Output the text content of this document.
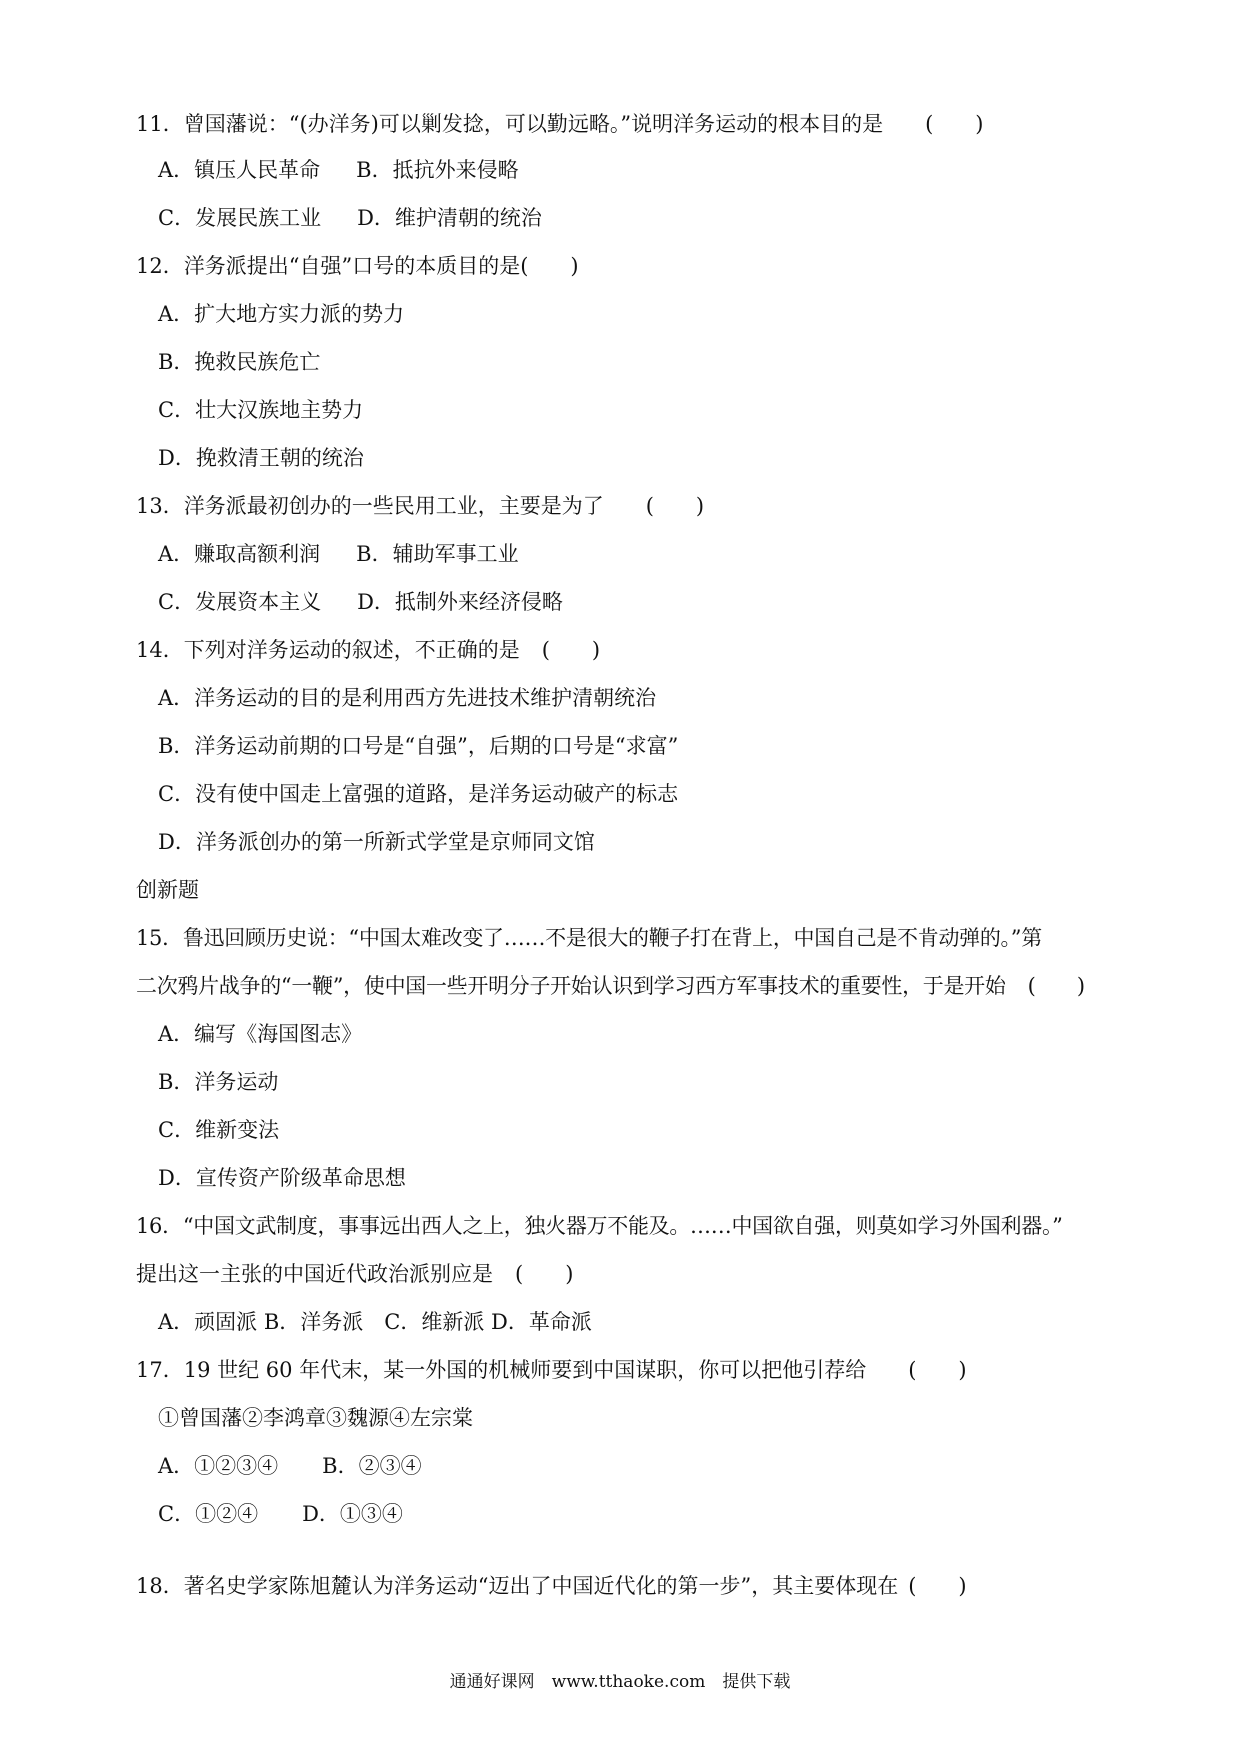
11．曾国藩说：“(办洋务)可以剿发捻，可以勤远略。”说明洋务运动的根本目的是 (　　)
A．镇压人民革命 B．抵抗外来侵略
C．发展民族工业 D．维护清朝的统治
12．洋务派提出“自强”口号的本质目的是(　　)
A．扩大地方实力派的势力
B．挽救民族危亡
C．壮大汉族地主势力
D．挽救清王朝的统治
13．洋务派最初创办的一些民用工业，主要是为了 (　　)
A．赚取高额利润 B．辅助军事工业
C．发展资本主义 D．抵制外来经济侵略
14．下列对洋务运动的叙述，不正确的是 (　　)
A．洋务运动的目的是利用西方先进技术维护清朝统治
B．洋务运动前期的口号是“自强”，后期的口号是“求富”
C．没有使中国走上富强的道路，是洋务运动破产的标志
D．洋务派创办的第一所新式学堂是京师同文馆
创新题
15．鲁迅回顾历史说：“中国太难改变了……不是很大的鞭子打在背上，中国自己是不肯动弹的。”第
二次鸦片战争的“一鞭”，使中国一些开明分子开始认识到学习西方军事技术的重要性，于是开始 (　　)
A．编写《海国图志》
B．洋务运动
C．维新变法
D．宣传资产阶级革命思想
16．“中国文武制度，事事远出西人之上，独火器万不能及。……中国欲自强，则莫如学习外国利器。”
提出这一主张的中国近代政治派别应是 (　　)
A．顽固派 B．洋务派　C．维新派 D．革命派
17．19 世纪 60 年代末，某一外国的机械师要到中国谋职，你可以把他引荐给 (　　)
①曾国藩②李鸿章③魏源④左宗棠
A．①②③④ B．②③④
C．①②④ D．①③④
18．著名史学家陈旭麓认为洋务运动“迈出了中国近代化的第一步”，其主要体现在 (　　)
通通好课网　www.tthaoke.com　提供下载
